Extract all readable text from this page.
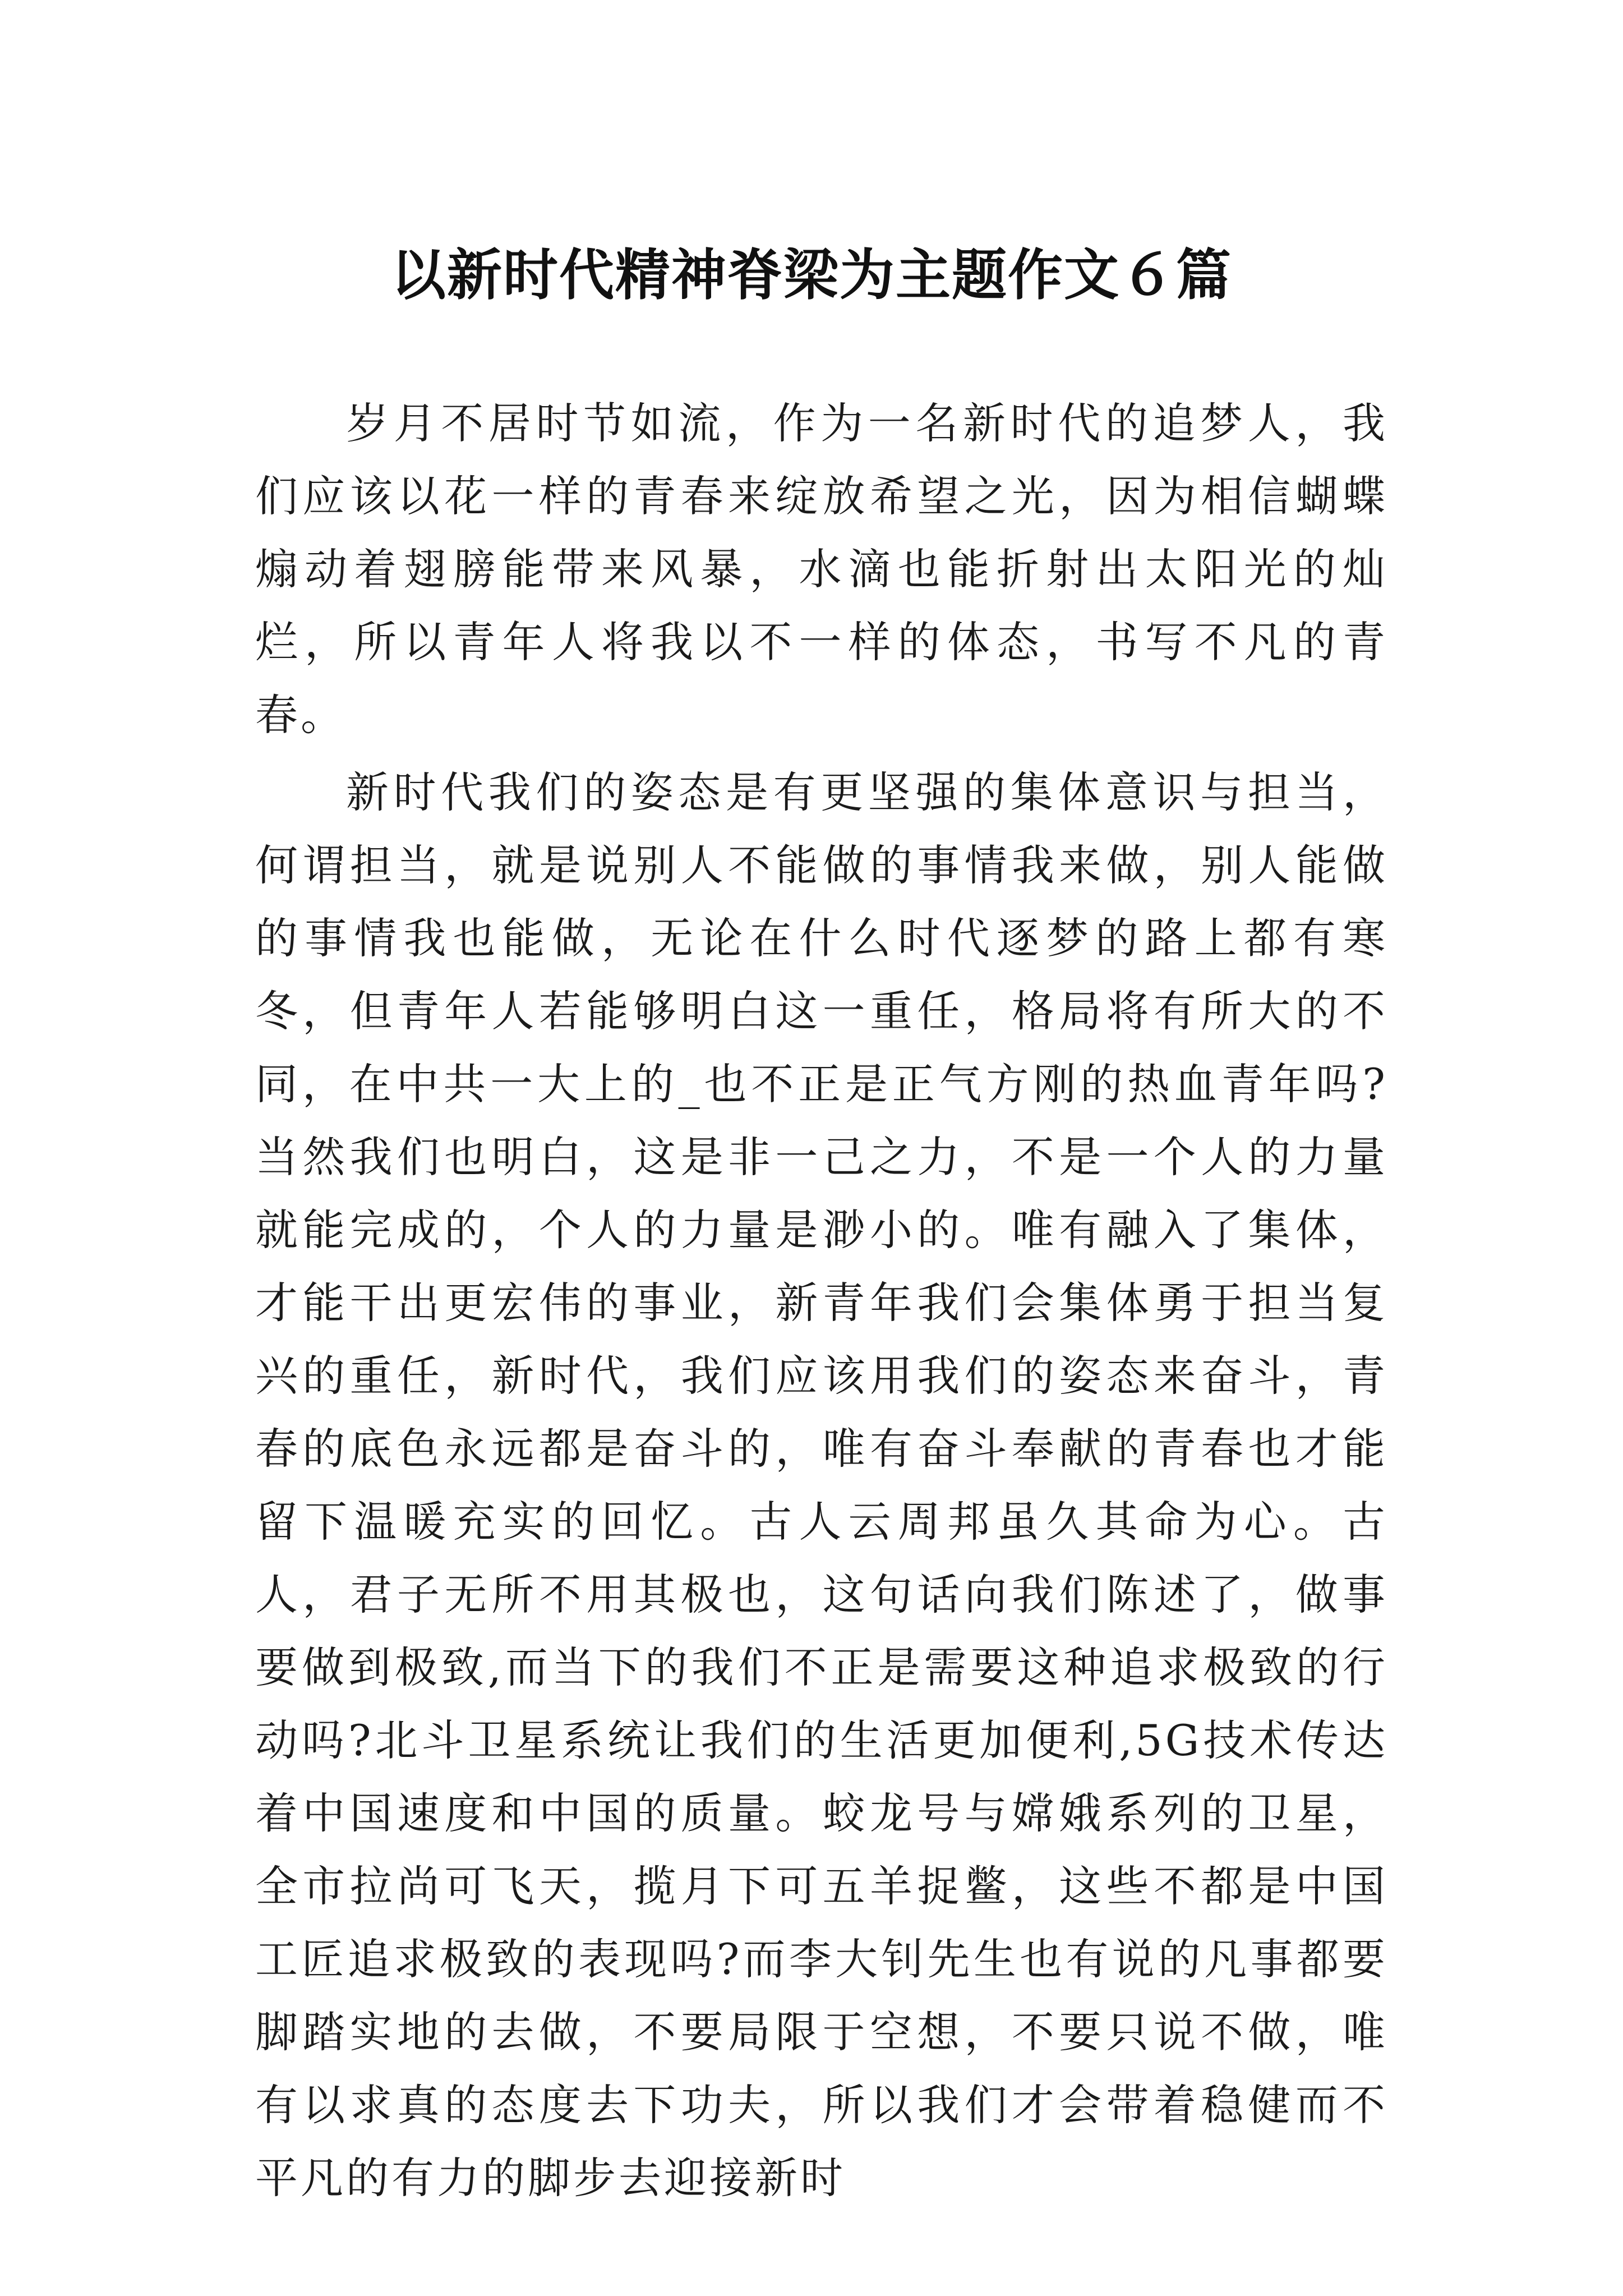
以新时代精神脊梁为主题作文６篇

岁月不居时节如流，作为一名新时代的追梦人，我们应该以花一样的青春来绽放希望之光，因为相信蝴蝶煽动着翅膀能带来风暴，水滴也能折射出太阳光的灿烂，所以青年人将我以不一样的体态，书写不凡的青春。

新时代我们的姿态是有更坚强的集体意识与担当，何谓担当，就是说别人不能做的事情我来做，别人能做的事情我也能做，无论在什么时代逐梦的路上都有寒冬，但青年人若能够明白这一重任，格局将有所大的不同，在中共一大上的_也不正是正气方刚的热血青年吗?当然我们也明白，这是非一己之力，不是一个人的力量就能完成的，个人的力量是渺小的。唯有融入了集体，才能干出更宏伟的事业，新青年我们会集体勇于担当复兴的重任，新时代，我们应该用我们的姿态来奋斗，青春的底色永远都是奋斗的，唯有奋斗奉献的青春也才能留下温暖充实的回忆。古人云周邦虽久其命为心。古人，君子无所不用其极也，这句话向我们陈述了，做事要做到极致,而当下的我们不正是需要这种追求极致的行动吗?北斗卫星系统让我们的生活更加便利,5G技术传达着中国速度和中国的质量。蛟龙号与嫦娥系列的卫星，全市拉尚可飞天，揽月下可五羊捉鳖，这些不都是中国工匠追求极致的表现吗?而李大钊先生也有说的凡事都要脚踏实地的去做，不要局限于空想，不要只说不做，唯有以求真的态度去下功夫，所以我们才会带着稳健而不平凡的有力的脚步去迎接新时
